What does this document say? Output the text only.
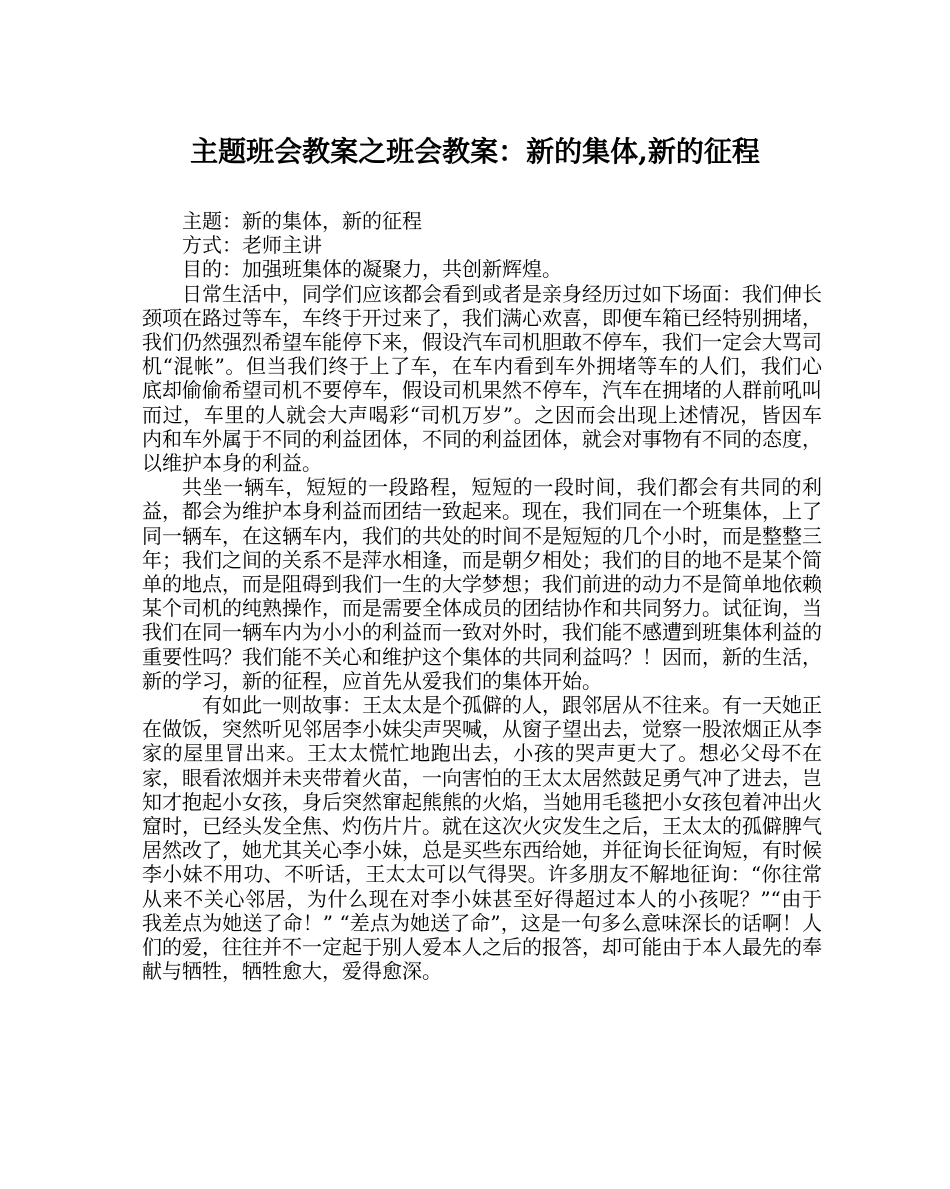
主题班会教案之班会教案：新的集体,新的征程

主题：新的集体，新的征程

方式：老师主讲

目的：加强班集体的凝聚力，共创新辉煌。

日常生活中，同学们应该都会看到或者是亲身经历过如下场面：我们伸长颈项在路过等车，车终于开过来了，我们满心欢喜，即便车箱已经特别拥堵，我们仍然强烈希望车能停下来，假设汽车司机胆敢不停车，我们一定会大骂司机“混帐”。但当我们终于上了车，在车内看到车外拥堵等车的人们，我们心底却偷偷希望司机不要停车，假设司机果然不停车，汽车在拥堵的人群前吼叫而过，车里的人就会大声喝彩“司机万岁”。之因而会出现上述情况，皆因车内和车外属于不同的利益团体，不同的利益团体，就会对事物有不同的态度，以维护本身的利益。

共坐一辆车，短短的一段路程，短短的一段时间，我们都会有共同的利益，都会为维护本身利益而团结一致起来。现在，我们同在一个班集体，上了同一辆车，在这辆车内，我们的共处的时间不是短短的几个小时，而是整整三年；我们之间的关系不是萍水相逢，而是朝夕相处；我们的目的地不是某个简单的地点，而是阻碍到我们一生的大学梦想；我们前进的动力不是简单地依赖某个司机的纯熟操作，而是需要全体成员的团结协作和共同努力。试征询，当我们在同一辆车内为小小的利益而一致对外时，我们能不感遭到班集体利益的重要性吗？我们能不关心和维护这个集体的共同利益吗？！因而，新的生活，新的学习，新的征程，应首先从爱我们的集体开始。

有如此一则故事：王太太是个孤僻的人，跟邻居从不往来。有一天她正在做饭，突然听见邻居李小妹尖声哭喊，从窗子望出去，觉察一股浓烟正从李家的屋里冒出来。王太太慌忙地跑出去，小孩的哭声更大了。想必父母不在家，眼看浓烟并未夹带着火苗，一向害怕的王太太居然鼓足勇气冲了进去，岂知才抱起小女孩，身后突然窜起熊熊的火焰，当她用毛毯把小女孩包着冲出火窟时，已经头发全焦、灼伤片片。就在这次火灾发生之后，王太太的孤僻脾气居然改了，她尤其关心李小妹，总是买些东西给她，并征询长征询短，有时候李小妹不用功、不听话，王太太可以气得哭。许多朋友不解地征询：“你往常从来不关心邻居，为什么现在对李小妹甚至好得超过本人的小孩呢？”“由于我差点为她送了命！” “差点为她送了命”，这是一句多么意味深长的话啊！人们的爱，往往并不一定起于别人爱本人之后的报答，却可能由于本人最先的奉献与牺牲，牺牲愈大，爱得愈深。
